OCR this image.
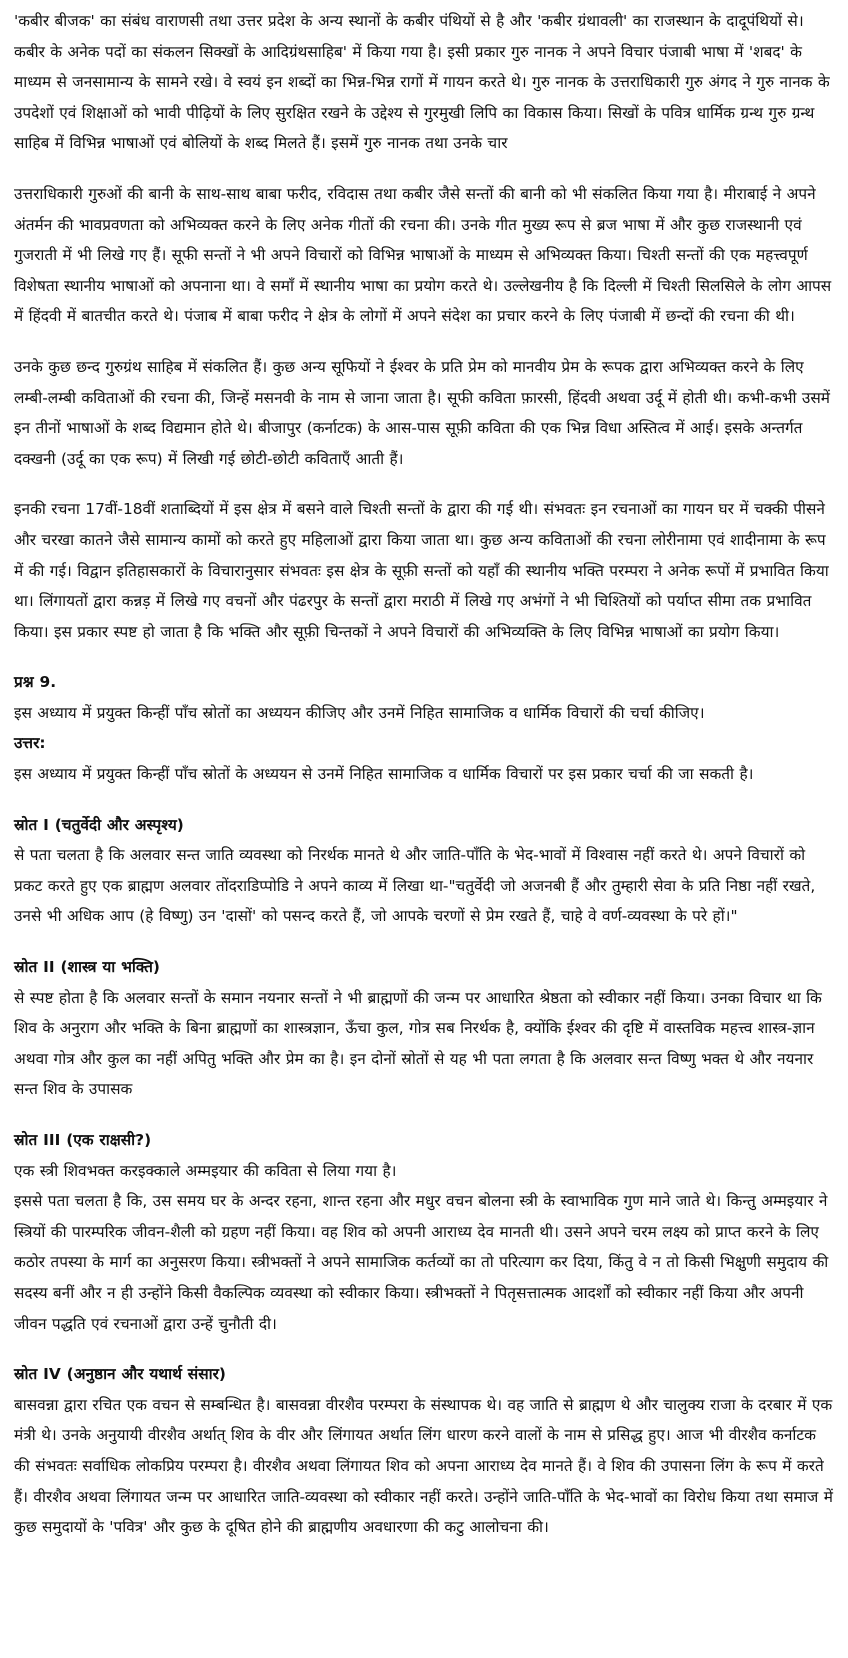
'कबीर बीजक' का संबंध वाराणसी तथा उत्तर प्रदेश के अन्य स्थानों के कबीर पंथियों से है और 'कबीर ग्रंथावली' का राजस्थान के दादूपंथियों से। कबीर के अनेक पदों का संकलन सिक्खों के आदिग्रंथसाहिब' में किया गया है। इसी प्रकार गुरु नानक ने अपने विचार पंजाबी भाषा में 'शबद' के माध्यम से जनसामान्य के सामने रखे। वे स्वयं इन शब्दों का भिन्न-भिन्न रागों में गायन करते थे। गुरु नानक के उत्तराधिकारी गुरु अंगद ने गुरु नानक के उपदेशों एवं शिक्षाओं को भावी पीढ़ियों के लिए सुरक्षित रखने के उद्देश्य से गुरमुखी लिपि का विकास किया। सिखों के पवित्र धार्मिक ग्रन्थ गुरु ग्रन्थ साहिब में विभिन्न भाषाओं एवं बोलियों के शब्द मिलते हैं। इसमें गुरु नानक तथा उनके चार

उत्तराधिकारी गुरुओं की बानी के साथ-साथ बाबा फरीद, रविदास तथा कबीर जैसे सन्तों की बानी को भी संकलित किया गया है। मीराबाई ने अपने अंतर्मन की भावप्रवणता को अभिव्यक्त करने के लिए अनेक गीतों की रचना की। उनके गीत मुख्य रूप से ब्रज भाषा में और कुछ राजस्थानी एवं गुजराती में भी लिखे गए हैं। सूफी सन्तों ने भी अपने विचारों को विभिन्न भाषाओं के माध्यम से अभिव्यक्त किया। चिश्ती सन्तों की एक महत्त्वपूर्ण विशेषता स्थानीय भाषाओं को अपनाना था। वे समाँ में स्थानीय भाषा का प्रयोग करते थे। उल्लेखनीय है कि दिल्ली में चिश्ती सिलसिले के लोग आपस में हिंदवी में बातचीत करते थे। पंजाब में बाबा फरीद ने क्षेत्र के लोगों में अपने संदेश का प्रचार करने के लिए पंजाबी में छन्दों की रचना की थी।

उनके कुछ छन्द गुरुग्रंथ साहिब में संकलित हैं। कुछ अन्य सूफियों ने ईश्वर के प्रति प्रेम को मानवीय प्रेम के रूपक द्वारा अभिव्यक्त करने के लिए लम्बी-लम्बी कविताओं की रचना की, जिन्हें मसनवी के नाम से जाना जाता है। सूफी कविता फ़ारसी, हिंदवी अथवा उर्दू में होती थी। कभी-कभी उसमें इन तीनों भाषाओं के शब्द विद्यमान होते थे। बीजापुर (कर्नाटक) के आस-पास सूफ़ी कविता की एक भिन्न विधा अस्तित्व में आई। इसके अन्तर्गत दक्खनी (उर्दू का एक रूप) में लिखी गई छोटी-छोटी कविताएँ आती हैं।

इनकी रचना 17वीं-18वीं शताब्दियों में इस क्षेत्र में बसने वाले चिश्ती सन्तों के द्वारा की गई थी। संभवतः इन रचनाओं का गायन घर में चक्की पीसने और चरखा कातने जैसे सामान्य कामों को करते हुए महिलाओं द्वारा किया जाता था। कुछ अन्य कविताओं की रचना लोरीनामा एवं शादीनामा के रूप में की गई। विद्वान इतिहासकारों के विचारानुसार संभवतः इस क्षेत्र के सूफ़ी सन्तों को यहाँ की स्थानीय भक्ति परम्परा ने अनेक रूपों में प्रभावित किया था। लिंगायतों द्वारा कन्नड़ में लिखे गए वचनों और पंढरपुर के सन्तों द्वारा मराठी में लिखे गए अभंगों ने भी चिश्तियों को पर्याप्त सीमा तक प्रभावित किया। इस प्रकार स्पष्ट हो जाता है कि भक्ति और सूफ़ी चिन्तकों ने अपने विचारों की अभिव्यक्ति के लिए विभिन्न भाषाओं का प्रयोग किया।

प्रश्न 9.

इस अध्याय में प्रयुक्त किन्हीं पाँच स्रोतों का अध्ययन कीजिए और उनमें निहित सामाजिक व धार्मिक विचारों की चर्चा कीजिए।

उत्तर:

इस अध्याय में प्रयुक्त किन्हीं पाँच स्रोतों के अध्ययन से उनमें निहित सामाजिक व धार्मिक विचारों पर इस प्रकार चर्चा की जा सकती है।

स्रोत I (चतुर्वेदी और अस्पृश्य)

से पता चलता है कि अलवार सन्त जाति व्यवस्था को निरर्थक मानते थे और जाति-पाँति के भेद-भावों में विश्वास नहीं करते थे। अपने विचारों को प्रकट करते हुए एक ब्राह्मण अलवार तोंदराडिप्पोडि ने अपने काव्य में लिखा था-"चतुर्वेदी जो अजनबी हैं और तुम्हारी सेवा के प्रति निष्ठा नहीं रखते, उनसे भी अधिक आप (हे विष्णु) उन 'दासों' को पसन्द करते हैं, जो आपके चरणों से प्रेम रखते हैं, चाहे वे वर्ण-व्यवस्था के परे हों।"

स्रोत II (शास्त्र या भक्ति)

से स्पष्ट होता है कि अलवार सन्तों के समान नयनार सन्तों ने भी ब्राह्मणों की जन्म पर आधारित श्रेष्ठता को स्वीकार नहीं किया। उनका विचार था कि शिव के अनुराग और भक्ति के बिना ब्राह्मणों का शास्त्रज्ञान, ऊँचा कुल, गोत्र सब निरर्थक है, क्योंकि ईश्वर की दृष्टि में वास्तविक महत्त्व शास्त्र-ज्ञान अथवा गोत्र और कुल का नहीं अपितु भक्ति और प्रेम का है। इन दोनों स्रोतों से यह भी पता लगता है कि अलवार सन्त विष्णु भक्त थे और नयनार सन्त शिव के उपासक

स्रोत III (एक राक्षसी?)

एक स्त्री शिवभक्त करइक्काले अम्मइयार की कविता से लिया गया है।

इससे पता चलता है कि, उस समय घर के अन्दर रहना, शान्त रहना और मधुर वचन बोलना स्त्री के स्वाभाविक गुण माने जाते थे। किन्तु अम्मइयार ने स्त्रियों की पारम्परिक जीवन-शैली को ग्रहण नहीं किया। वह शिव को अपनी आराध्य देव मानती थी। उसने अपने चरम लक्ष्य को प्राप्त करने के लिए कठोर तपस्या के मार्ग का अनुसरण किया। स्त्रीभक्तों ने अपने सामाजिक कर्तव्यों का तो परित्याग कर दिया, किंतु वे न तो किसी भिक्षुणी समुदाय की सदस्य बनीं और न ही उन्होंने किसी वैकल्पिक व्यवस्था को स्वीकार किया। स्त्रीभक्तों ने पितृसत्तात्मक आदर्शों को स्वीकार नहीं किया और अपनी जीवन पद्धति एवं रचनाओं द्वारा उन्हें चुनौती दी।

स्रोत IV (अनुष्ठान और यथार्थ संसार)

बासवन्ना द्वारा रचित एक वचन से सम्बन्धित है। बासवन्ना वीरशैव परम्परा के संस्थापक थे। वह जाति से ब्राह्मण थे और चालुक्य राजा के दरबार में एक मंत्री थे। उनके अनुयायी वीरशैव अर्थात् शिव के वीर और लिंगायत अर्थात लिंग धारण करने वालों के नाम से प्रसिद्ध हुए। आज भी वीरशैव कर्नाटक की संभवतः सर्वाधिक लोकप्रिय परम्परा है। वीरशैव अथवा लिंगायत शिव को अपना आराध्य देव मानते हैं। वे शिव की उपासना लिंग के रूप में करते हैं। वीरशैव अथवा लिंगायत जन्म पर आधारित जाति-व्यवस्था को स्वीकार नहीं करते। उन्होंने जाति-पाँति के भेद-भावों का विरोध किया तथा समाज में कुछ समुदायों के 'पवित्र' और कुछ के दूषित होने की ब्राह्मणीय अवधारणा की कटु आलोचना की।
